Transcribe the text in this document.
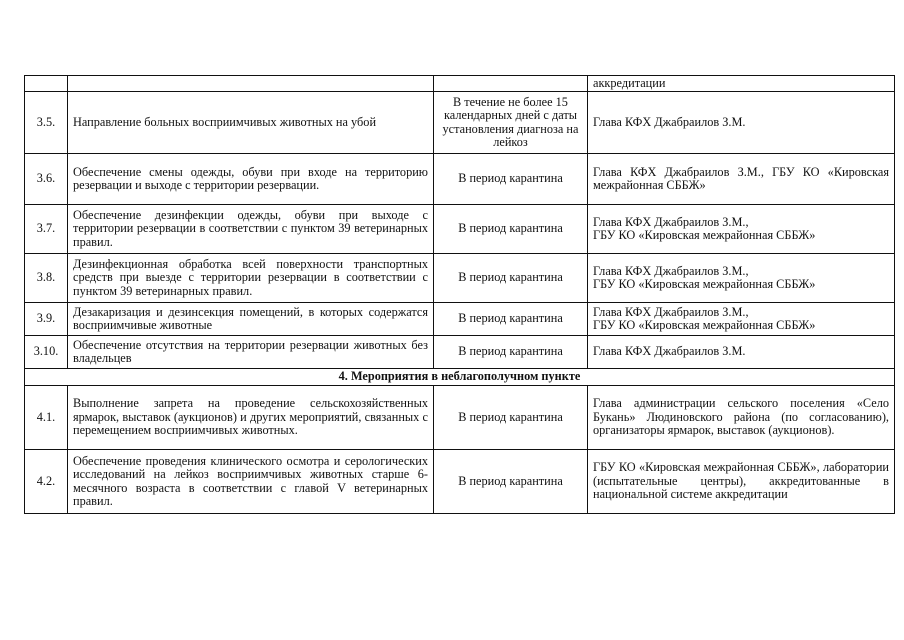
			аккредитации
3.5.	Направление больных восприимчивых животных на убой	В течение не более 15 календарных дней с даты установления диагноза на лейкоз	Глава КФХ Джабраилов З.М.
3.6.	Обеспечение смены одежды, обуви при входе на территорию резервации и выходе с территории резервации.	В период карантина	Глава КФХ Джабраилов З.М., ГБУ КО «Кировская межрайонная СББЖ»
3.7.	Обеспечение дезинфекции одежды, обуви при выходе с территории резервации в соответствии с пунктом 39 ветеринарных правил.	В период карантина	Глава КФХ Джабраилов З.М.,
ГБУ КО «Кировская межрайонная СББЖ»

3.8.	Дезинфекционная обработка всей поверхности транспортных средств при выезде с территории резервации в соответствии с пунктом 39 ветеринарных правил.	В период карантина	Глава КФХ Джабраилов З.М.,
ГБУ КО «Кировская межрайонная СББЖ»

3.9.	Дезакаризация и дезинсекция помещений, в которых содержатся восприимчивые животные	В период карантина	Глава КФХ Джабраилов З.М.,
ГБУ КО «Кировская межрайонная СББЖ»

3.10.	Обеспечение отсутствия на территории резервации животных без владельцев	В период карантина	Глава КФХ Джабраилов З.М.
4. Мероприятия в неблагополучном пункте			
4.1.	Выполнение запрета на проведение сельскохозяйственных ярмарок, выставок (аукционов) и других мероприятий, связанных с перемещением восприимчивых животных.	В период карантина	Глава администрации сельского поселения «Село Букань» Людиновского района (по согласованию), организаторы ярмарок, выставок (аукционов).
4.2.	Обеспечение проведения клинического осмотра и серологических исследований на лейкоз восприимчивых животных старше 6-месячного возраста в соответствии с главой V ветеринарных правил.	В период карантина	ГБУ КО «Кировская межрайонная СББЖ», лаборатории (испытательные центры), аккредитованные в национальной системе аккредитации
